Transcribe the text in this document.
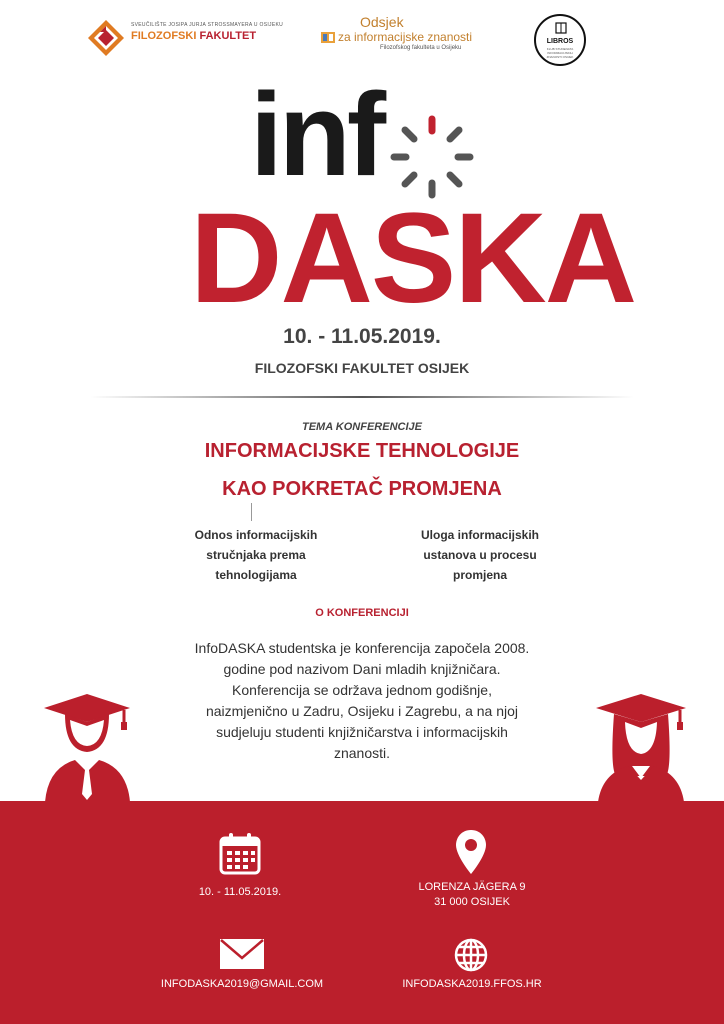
SVEUČILIŠTE JOSIPA JURJA STROSSMAYERA U OSIJEKU
FILOZOFSKI FAKULTET
Odsjek
za informacijske znanosti
Filozofskog fakulteta u Osijeku
LIBROS
KLUB STUDENATA INFORMACIJSKIH ZNANOSTI OSIJEK
inf
DASKA
10. - 11.05.2019.
FILOZOFSKI FAKULTET OSIJEK
TEMA KONFERENCIJE
INFORMACIJSKE TEHNOLOGIJE
KAO POKRETAČ PROMJENA
Odnos informacijskih
stručnjaka prema
tehnologijama
Uloga informacijskih
ustanova u procesu
promjena
O KONFERENCIJI
InfoDASKA studentska je konferencija započela 2008.
godine pod nazivom Dani mladih knjižničara.
Konferencija se održava jednom godišnje,
naizmjenično u Zadru, Osijeku i Zagrebu, a na njoj
sudjeluju studenti knjižničarstva i informacijskih
znanosti.
10. - 11.05.2019.	LORENZA JÄGERA 9
31 000 OSIJEK
INFODASKA2019@GMAIL.COM	INFODASKA2019.FFOS.HR
